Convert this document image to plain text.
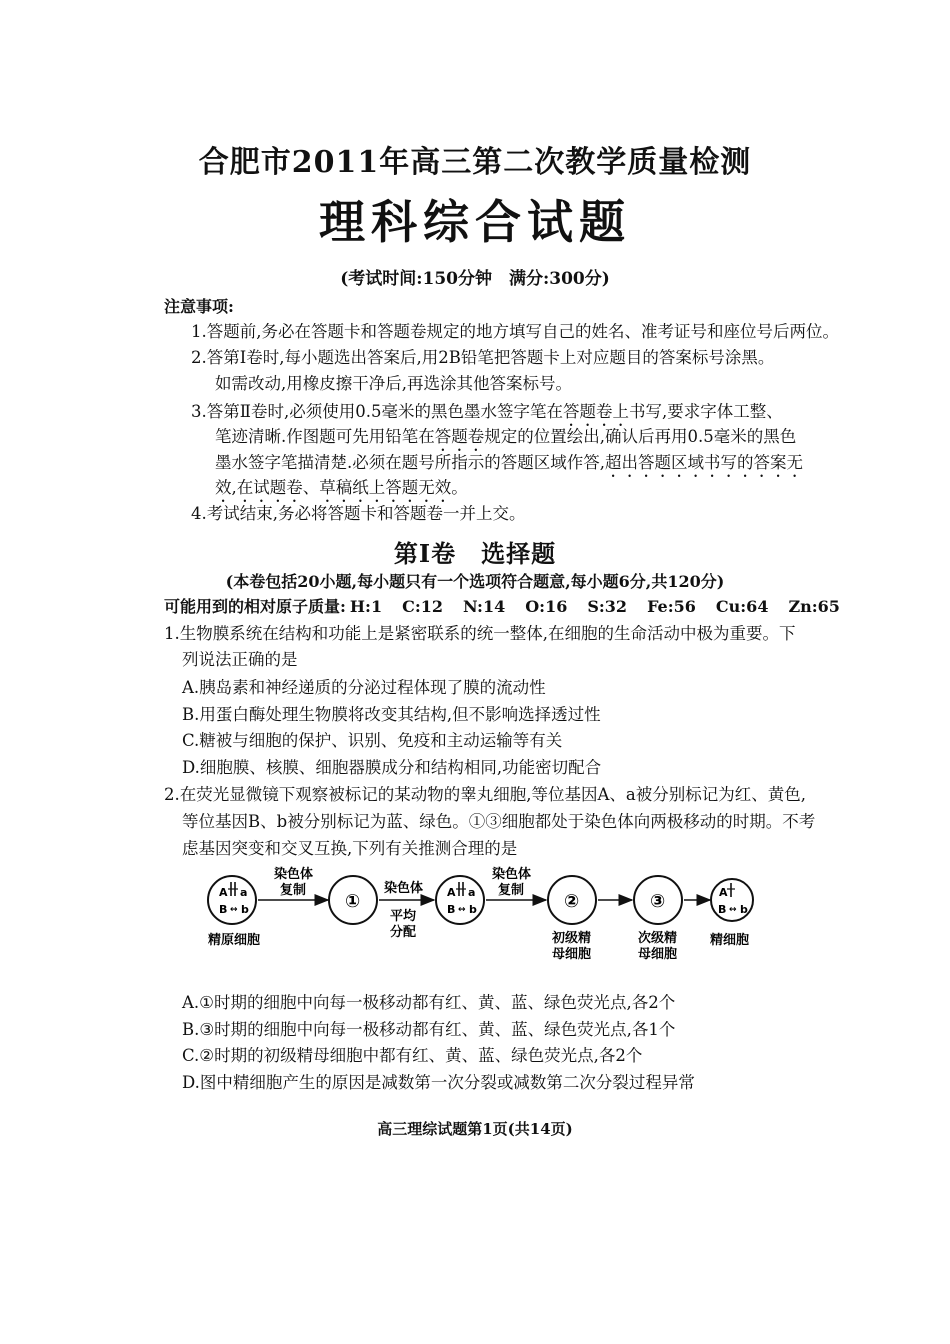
合肥市2011年高三第二次教学质量检测
理科综合试题
(考试时间:150分钟　满分:300分)
注意事项:
1.答题前,务必在答题卡和答题卷规定的地方填写自己的姓名、准考证号和座位号后两位。
2.答第Ⅰ卷时,每小题选出答案后,用2B铅笔把答题卡上对应题目的答案标号涂黑。
如需改动,用橡皮擦干净后,再选涂其他答案标号。
3.答第Ⅱ卷时,必须使用0.5毫米的黑色墨水签字笔在答题卷上书写,要求字体工整、
笔迹清晰.作图题可先用铅笔在答题卷规定的位置绘出,确认后再用0.5毫米的黑色
墨水签字笔描清楚.必须在题号所指示的答题区域作答,超出答题区域书写的答案无
效,在试题卷、草稿纸上答题无效。
4.考试结束,务必将答题卡和答题卷一并上交。
第Ⅰ卷　选择题
(本卷包括20小题,每小题只有一个选项符合题意,每小题6分,共120分)
可能用到的相对原子质量: H:1 C:12 N:14 O:16 S:32 Fe:56 Cu:64 Zn:65
1.生物膜系统在结构和功能上是紧密联系的统一整体,在细胞的生命活动中极为重要。下
列说法正确的是
A.胰岛素和神经递质的分泌过程体现了膜的流动性
B.用蛋白酶处理生物膜将改变其结构,但不影响选择透过性
C.糖被与细胞的保护、识别、免疫和主动运输等有关
D.细胞膜、核膜、细胞器膜成分和结构相同,功能密切配合
2.在荧光显微镜下观察被标记的某动物的睾丸细胞,等位基因A、a被分别标记为红、黄色,
等位基因B、b被分别标记为蓝、绿色。①③细胞都处于染色体向两极移动的时期。不考
虑基因突变和交叉互换,下列有关推测合理的是
A a
B ↔ b
精原细胞
染色体
复制
①
染色体
平均
分配
A a
B ↔ b
染色体
复制
②
初级精
母细胞
③
次级精
母细胞
A
B ↔ b
精细胞
A.①时期的细胞中向每一极移动都有红、黄、蓝、绿色荧光点,各2个
B.③时期的细胞中向每一极移动都有红、黄、蓝、绿色荧光点,各1个
C.②时期的初级精母细胞中都有红、黄、蓝、绿色荧光点,各2个
D.图中精细胞产生的原因是减数第一次分裂或减数第二次分裂过程异常
高三理综试题第1页(共14页)
